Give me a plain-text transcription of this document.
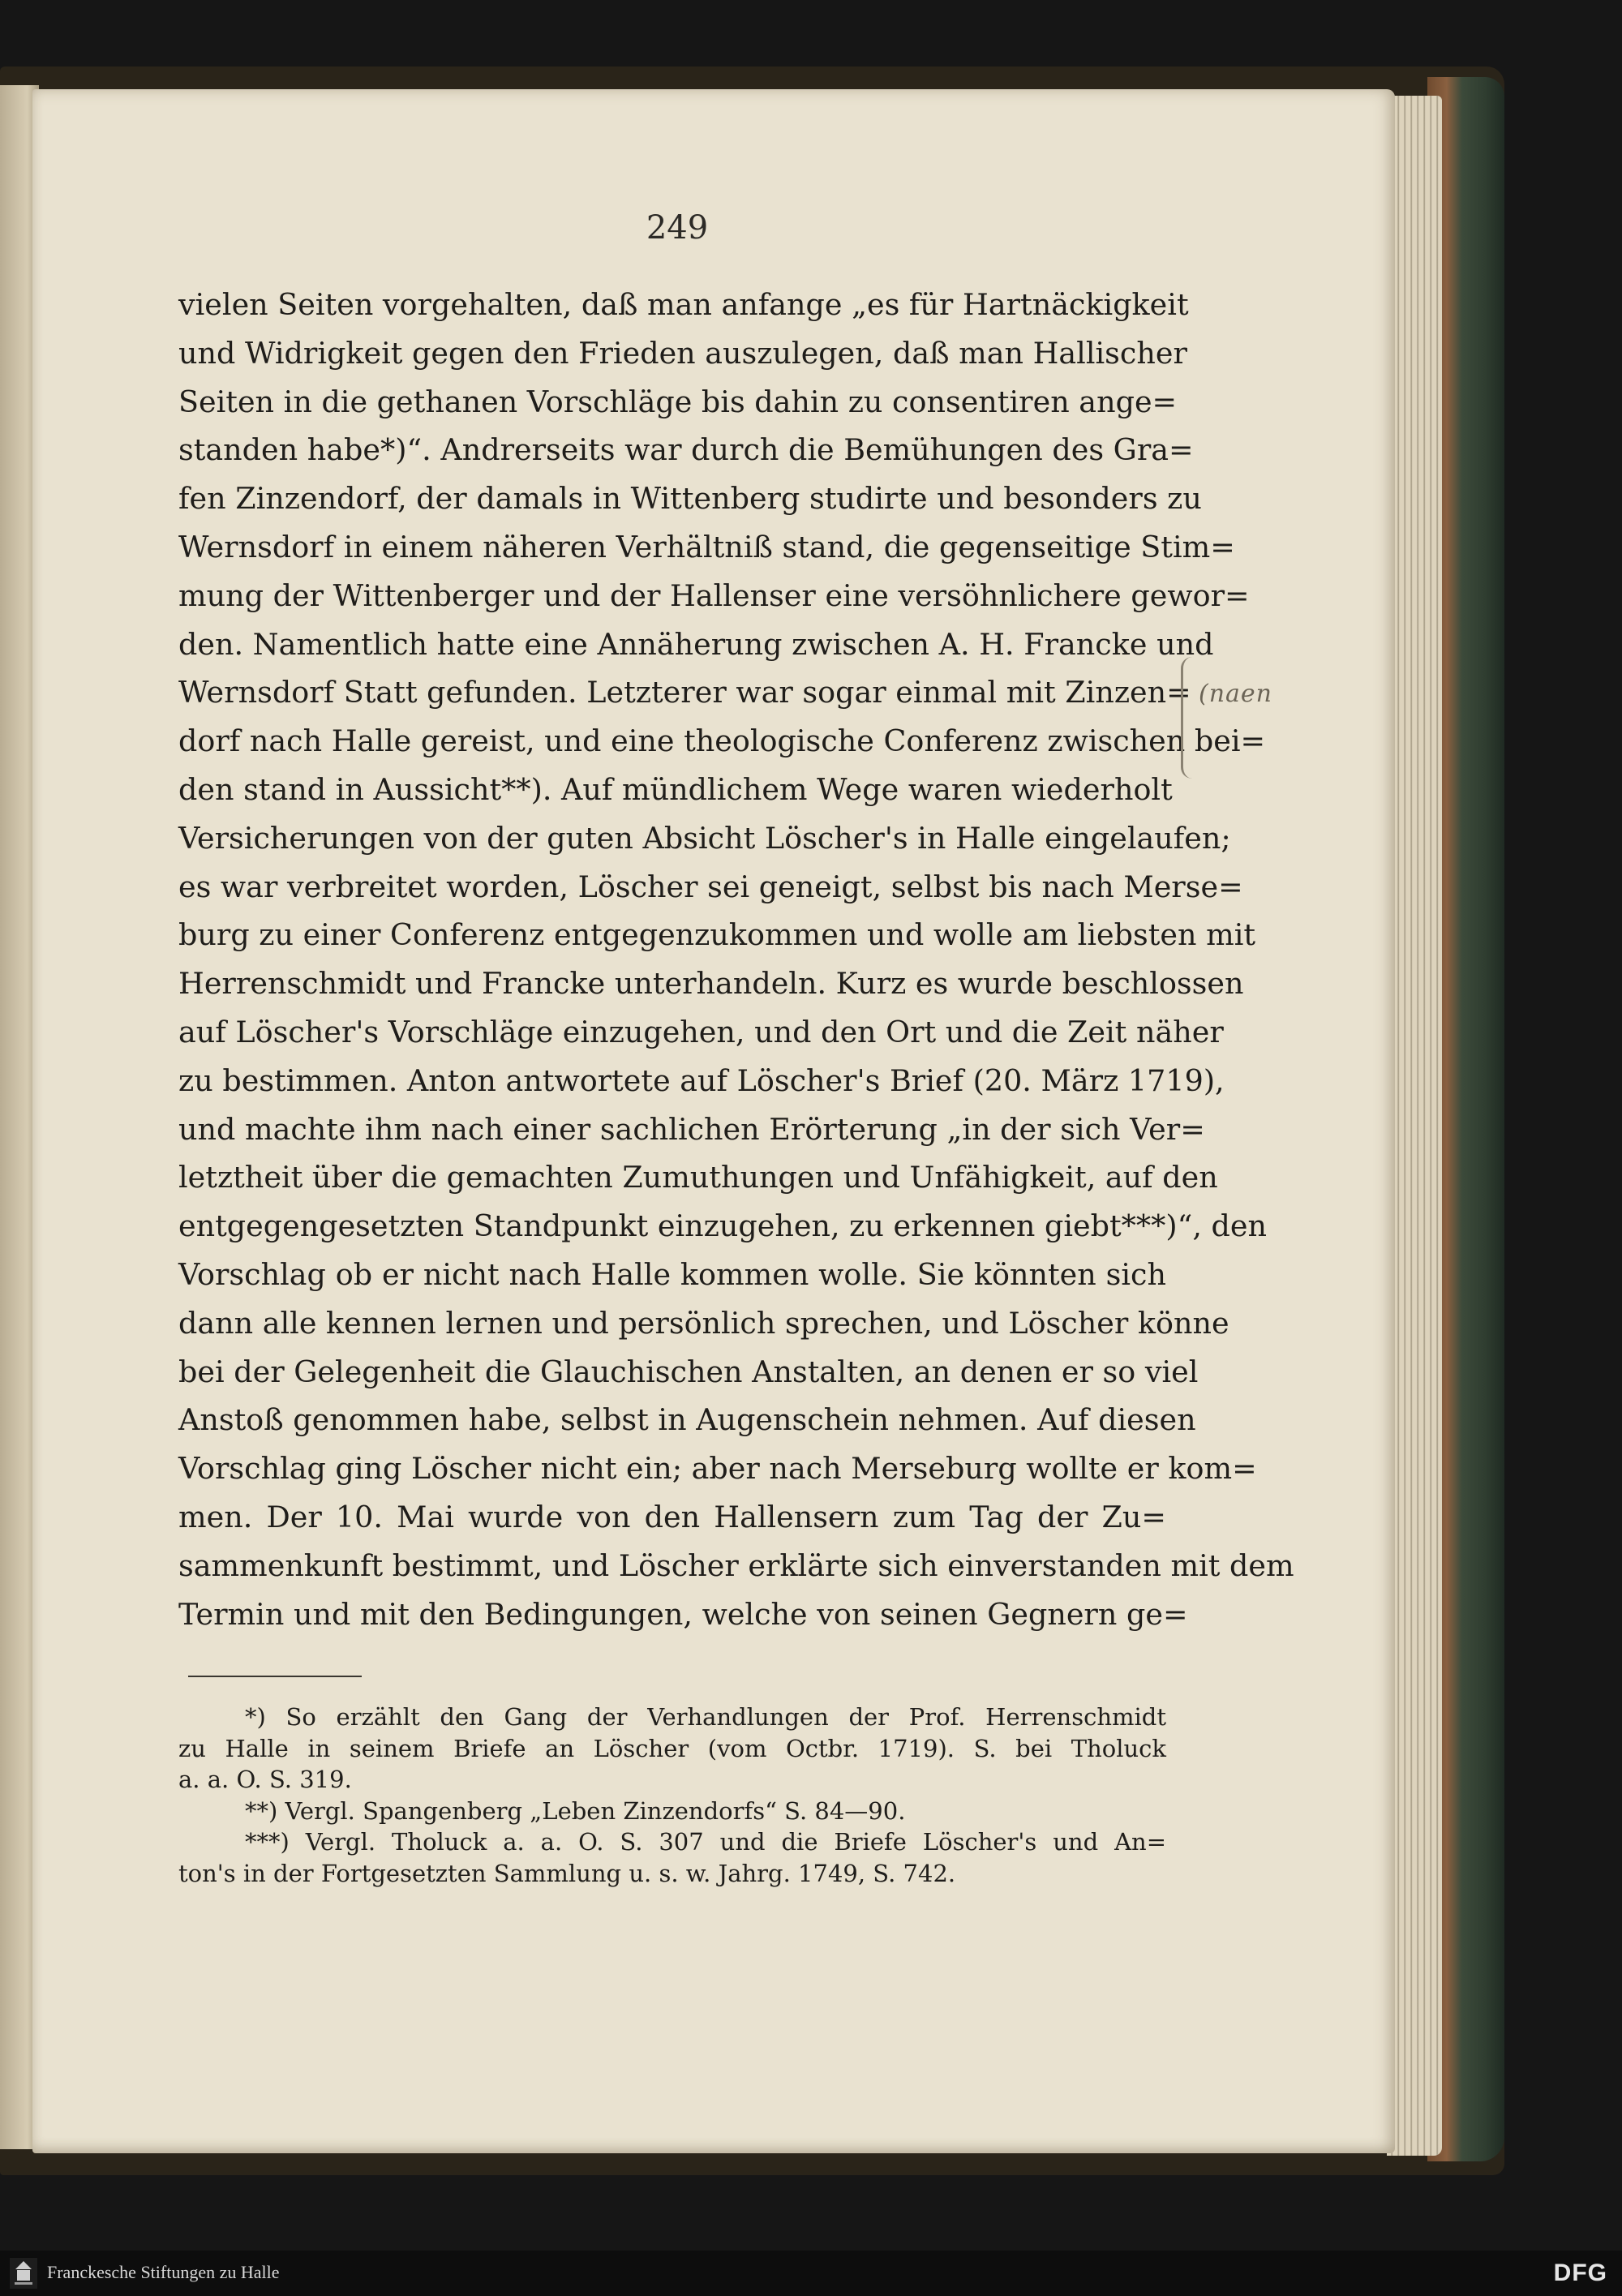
249
vielen Seiten vorgehalten, daß man anfange „es für Hartnäckigkeit
und Widrigkeit gegen den Frieden auszulegen, daß man Hallischer
Seiten in die gethanen Vorschläge bis dahin zu consentiren ange=
standen habe*)“. Andrerseits war durch die Bemühungen des Gra=
fen Zinzendorf, der damals in Wittenberg studirte und besonders zu
Wernsdorf in einem näheren Verhältniß stand, die gegenseitige Stim=
mung der Wittenberger und der Hallenser eine versöhnlichere gewor=
den. Namentlich hatte eine Annäherung zwischen A. H. Francke und
Wernsdorf Statt gefunden. Letzterer war sogar einmal mit Zinzen=
dorf nach Halle gereist, und eine theologische Conferenz zwischen bei=
den stand in Aussicht**). Auf mündlichem Wege waren wiederholt
Versicherungen von der guten Absicht Löscher's in Halle eingelaufen;
es war verbreitet worden, Löscher sei geneigt, selbst bis nach Merse=
burg zu einer Conferenz entgegenzukommen und wolle am liebsten mit
Herrenschmidt und Francke unterhandeln. Kurz es wurde beschlossen
auf Löscher's Vorschläge einzugehen, und den Ort und die Zeit näher
zu bestimmen. Anton antwortete auf Löscher's Brief (20. März 1719),
und machte ihm nach einer sachlichen Erörterung „in der sich Ver=
letztheit über die gemachten Zumuthungen und Unfähigkeit, auf den
entgegengesetzten Standpunkt einzugehen, zu erkennen giebt***)“, den
Vorschlag ob er nicht nach Halle kommen wolle. Sie könnten sich
dann alle kennen lernen und persönlich sprechen, und Löscher könne
bei der Gelegenheit die Glauchischen Anstalten, an denen er so viel
Anstoß genommen habe, selbst in Augenschein nehmen. Auf diesen
Vorschlag ging Löscher nicht ein; aber nach Merseburg wollte er kom=
men. Der 10. Mai wurde von den Hallensern zum Tag der Zu=
sammenkunft bestimmt, und Löscher erklärte sich einverstanden mit dem
Termin und mit den Bedingungen, welche von seinen Gegnern ge=
(naen
*) So erzählt den Gang der Verhandlungen der Prof. Herrenschmidt
zu Halle in seinem Briefe an Löscher (vom Octbr. 1719). S. bei Tholuck
a. a. O. S. 319.
**) Vergl. Spangenberg „Leben Zinzendorfs“ S. 84—90.
***) Vergl. Tholuck a. a. O. S. 307 und die Briefe Löscher's und An=
ton's in der Fortgesetzten Sammlung u. s. w. Jahrg. 1749, S. 742.
Franckesche Stiftungen zu Halle	DFG
